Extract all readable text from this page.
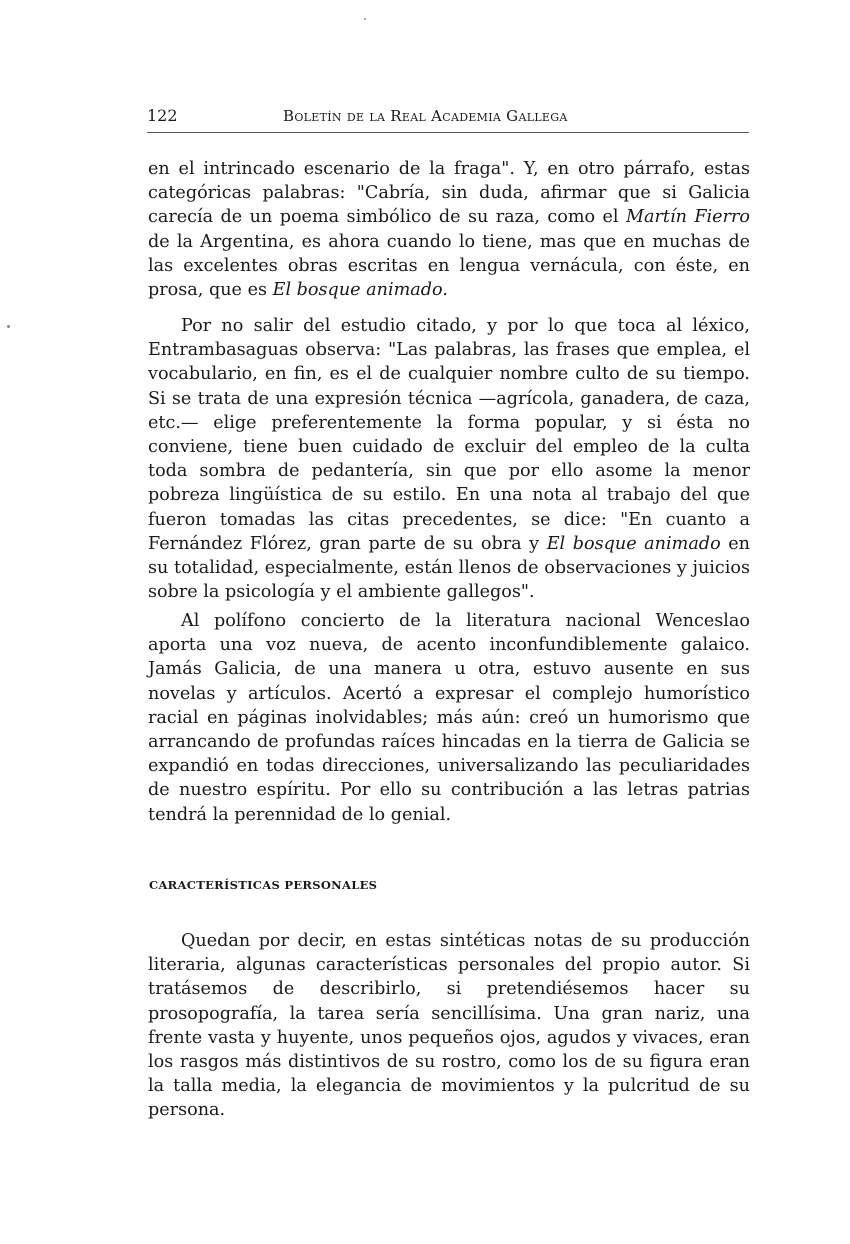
122	Boletín de la Real Academia Gallega

en el intrincado escenario de la fraga". Y, en otro párrafo, estas categóricas palabras: "Cabría, sin duda, afirmar que si Galicia carecía de un poema simbólico de su raza, como el Martín Fierro de la Argentina, es ahora cuando lo tiene, mas que en muchas de las excelentes obras escritas en lengua vernácula, con éste, en prosa, que es El bosque animado.

Por no salir del estudio citado, y por lo que toca al léxico, Entrambasaguas observa: "Las palabras, las frases que emplea, el vocabulario, en fin, es el de cualquier nombre culto de su tiempo. Si se trata de una expresión técnica —agrícola, ganadera, de caza, etc.— elige preferentemente la forma popular, y si ésta no conviene, tiene buen cuidado de excluir del empleo de la culta toda sombra de pedantería, sin que por ello asome la menor pobreza lingüística de su estilo. En una nota al trabajo del que fueron tomadas las citas precedentes, se dice: "En cuanto a Fernández Flórez, gran parte de su obra y El bosque animado en su totalidad, especialmente, están llenos de observaciones y juicios sobre la psicología y el ambiente gallegos".

Al polífono concierto de la literatura nacional Wenceslao aporta una voz nueva, de acento inconfundiblemente galaico. Jamás Galicia, de una manera u otra, estuvo ausente en sus novelas y artículos. Acertó a expresar el complejo humorístico racial en páginas inolvidables; más aún: creó un humorismo que arrancando de profundas raíces hincadas en la tierra de Galicia se expandió en todas direcciones, universalizando las peculiaridades de nuestro espíritu. Por ello su contribución a las letras patrias tendrá la perennidad de lo genial.

CARACTERÍSTICAS PERSONALES

Quedan por decir, en estas sintéticas notas de su producción literaria, algunas características personales del propio autor. Si tratásemos de describirlo, si pretendiésemos hacer su prosopografía, la tarea sería sencillísima. Una gran nariz, una frente vasta y huyente, unos pequeños ojos, agudos y vivaces, eran los rasgos más distintivos de su rostro, como los de su figura eran la talla media, la elegancia de movimientos y la pulcritud de su persona.
